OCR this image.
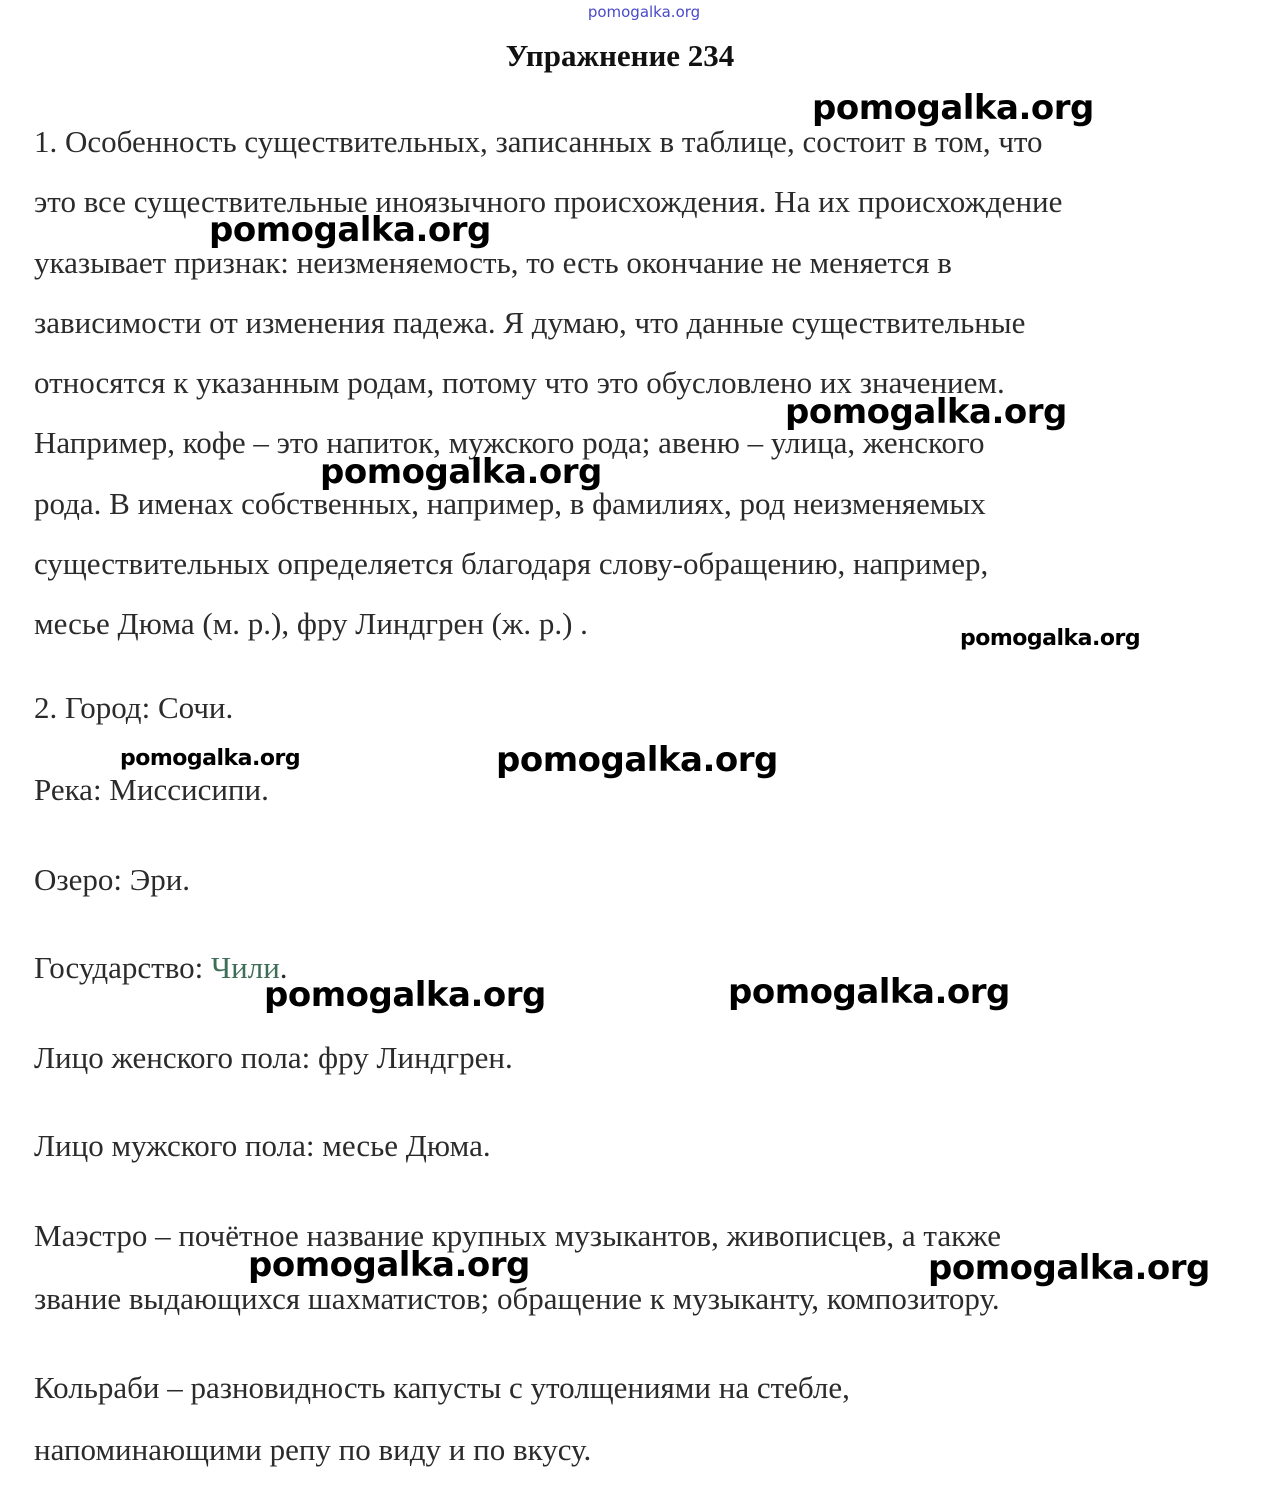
pomogalka.org
Упражнение 234

1. Особенность существительных, записанных в таблице, состоит в том, что
это все существительные иноязычного происхождения. На их происхождение
указывает признак: неизменяемость, то есть окончание не меняется в
зависимости от изменения падежа. Я думаю, что данные существительные
относятся к указанным родам, потому что это обусловлено их значением.
Например, кофе – это напиток, мужского рода; авеню – улица, женского
рода. В именах собственных, например, в фамилиях, род неизменяемых
существительных определяется благодаря слову-обращению, например,
месье Дюма (м. р.), фру Линдгрен (ж. р.) .

2. Город: Сочи.

Река: Миссисипи.

Озеро: Эри.

Государство: Чили.

Лицо женского пола: фру Линдгрен.

Лицо мужского пола: месье Дюма.

Маэстро – почётное название крупных музыкантов, живописцев, а также

звание выдающихся шахматистов; обращение к музыканту, композитору.

Кольраби – разновидность капусты с утолщениями на стебле,

напоминающими репу по виду и по вкусу.

pomogalka.org
pomogalka.org
pomogalka.org
pomogalka.org
pomogalka.org
pomogalka.org	pomogalka.org
pomogalka.org	pomogalka.org
pomogalka.org	pomogalka.org
